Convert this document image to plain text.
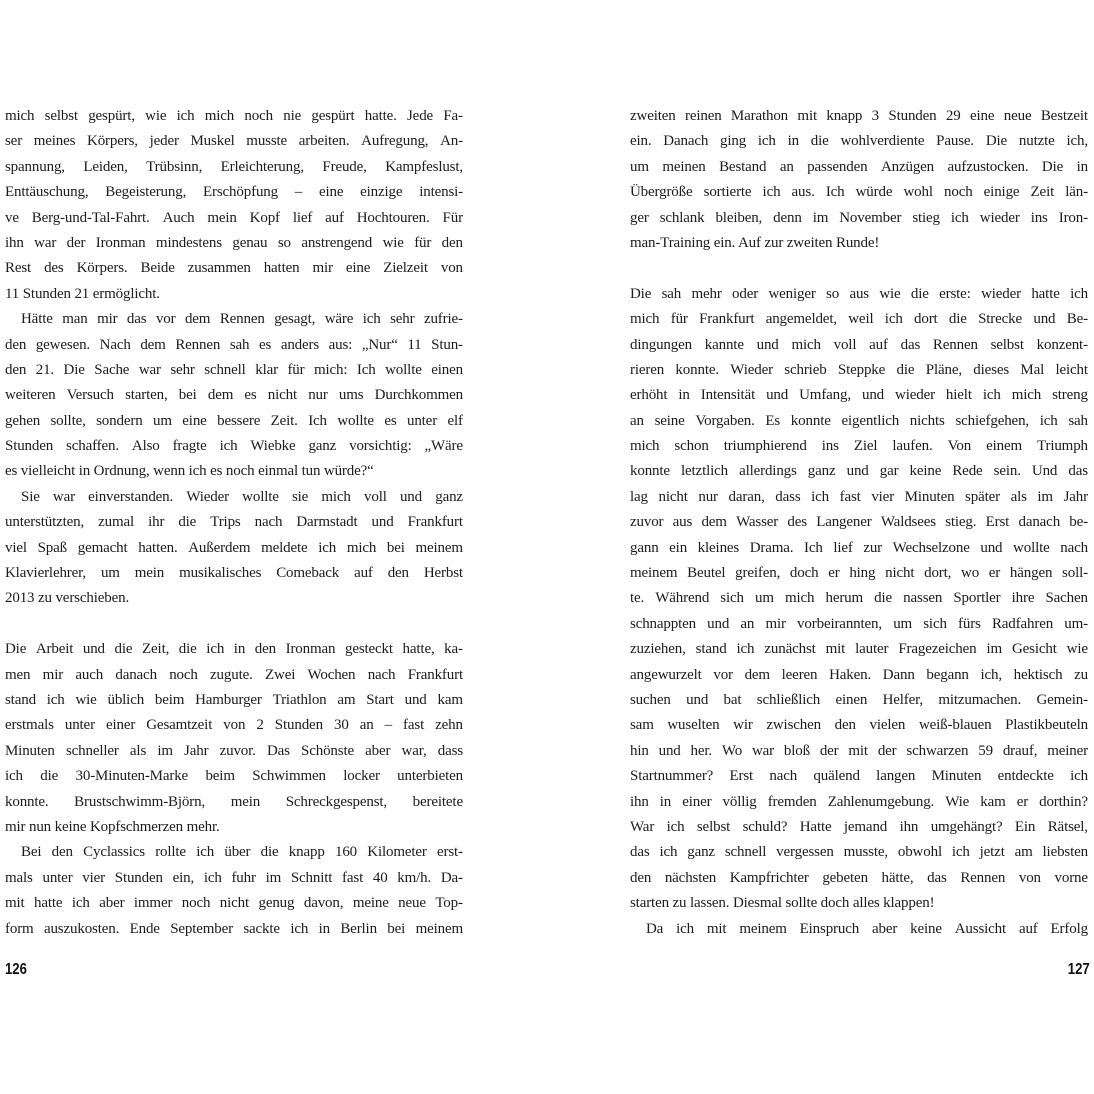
mich selbst gespürt, wie ich mich noch nie gespürt hatte. Jede Fa-
ser meines Körpers, jeder Muskel musste arbeiten. Aufregung, An-
spannung, Leiden, Trübsinn, Erleichterung, Freude, Kampfeslust,
Enttäuschung, Begeisterung, Erschöpfung – eine einzige intensi-
ve Berg-und-Tal-Fahrt. Auch mein Kopf lief auf Hochtouren. Für
ihn war der Ironman mindestens genau so anstrengend wie für den
Rest des Körpers. Beide zusammen hatten mir eine Zielzeit von
11 Stunden 21 ermöglicht.
Hätte man mir das vor dem Rennen gesagt, wäre ich sehr zufrie-
den gewesen. Nach dem Rennen sah es anders aus: „Nur“ 11 Stun-
den 21. Die Sache war sehr schnell klar für mich: Ich wollte einen
weiteren Versuch starten, bei dem es nicht nur ums Durchkommen
gehen sollte, sondern um eine bessere Zeit. Ich wollte es unter elf
Stunden schaffen. Also fragte ich Wiebke ganz vorsichtig: „Wäre
es vielleicht in Ordnung, wenn ich es noch einmal tun würde?“
Sie war einverstanden. Wieder wollte sie mich voll und ganz
unterstützten, zumal ihr die Trips nach Darmstadt und Frankfurt
viel Spaß gemacht hatten. Außerdem meldete ich mich bei meinem
Klavierlehrer, um mein musikalisches Comeback auf den Herbst
2013 zu verschieben.
Die Arbeit und die Zeit, die ich in den Ironman gesteckt hatte, ka-
men mir auch danach noch zugute. Zwei Wochen nach Frankfurt
stand ich wie üblich beim Hamburger Triathlon am Start und kam
erstmals unter einer Gesamtzeit von 2 Stunden 30 an – fast zehn
Minuten schneller als im Jahr zuvor. Das Schönste aber war, dass
ich die 30-Minuten-Marke beim Schwimmen locker unterbieten
konnte. Brustschwimm-Björn, mein Schreckgespenst, bereitete
mir nun keine Kopfschmerzen mehr.
Bei den Cyclassics rollte ich über die knapp 160 Kilometer erst-
mals unter vier Stunden ein, ich fuhr im Schnitt fast 40 km/h. Da-
mit hatte ich aber immer noch nicht genug davon, meine neue Top-
form auszukosten. Ende September sackte ich in Berlin bei meinem
zweiten reinen Marathon mit knapp 3 Stunden 29 eine neue Bestzeit
ein. Danach ging ich in die wohlverdiente Pause. Die nutzte ich,
um meinen Bestand an passenden Anzügen aufzustocken. Die in
Übergröße sortierte ich aus. Ich würde wohl noch einige Zeit län-
ger schlank bleiben, denn im November stieg ich wieder ins Iron-
man-Training ein. Auf zur zweiten Runde!
Die sah mehr oder weniger so aus wie die erste: wieder hatte ich
mich für Frankfurt angemeldet, weil ich dort die Strecke und Be-
dingungen kannte und mich voll auf das Rennen selbst konzent-
rieren konnte. Wieder schrieb Steppke die Pläne, dieses Mal leicht
erhöht in Intensität und Umfang, und wieder hielt ich mich streng
an seine Vorgaben. Es konnte eigentlich nichts schiefgehen, ich sah
mich schon triumphierend ins Ziel laufen. Von einem Triumph
konnte letztlich allerdings ganz und gar keine Rede sein. Und das
lag nicht nur daran, dass ich fast vier Minuten später als im Jahr
zuvor aus dem Wasser des Langener Waldsees stieg. Erst danach be-
gann ein kleines Drama. Ich lief zur Wechselzone und wollte nach
meinem Beutel greifen, doch er hing nicht dort, wo er hängen soll-
te. Während sich um mich herum die nassen Sportler ihre Sachen
schnappten und an mir vorbeirannten, um sich fürs Radfahren um-
zuziehen, stand ich zunächst mit lauter Fragezeichen im Gesicht wie
angewurzelt vor dem leeren Haken. Dann begann ich, hektisch zu
suchen und bat schließlich einen Helfer, mitzumachen. Gemein-
sam wuselten wir zwischen den vielen weiß-blauen Plastikbeuteln
hin und her. Wo war bloß der mit der schwarzen 59 drauf, meiner
Startnummer? Erst nach quälend langen Minuten entdeckte ich
ihn in einer völlig fremden Zahlenumgebung. Wie kam er dorthin?
War ich selbst schuld? Hatte jemand ihn umgehängt? Ein Rätsel,
das ich ganz schnell vergessen musste, obwohl ich jetzt am liebsten
den nächsten Kampfrichter gebeten hätte, das Rennen von vorne
starten zu lassen. Diesmal sollte doch alles klappen!
Da ich mit meinem Einspruch aber keine Aussicht auf Erfolg
126	127
